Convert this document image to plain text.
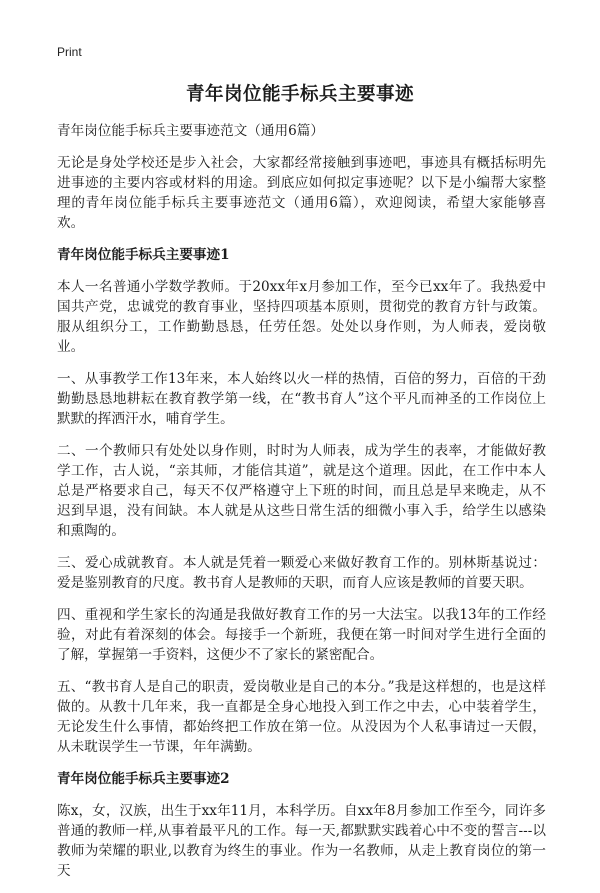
Print
青年岗位能手标兵主要事迹

青年岗位能手标兵主要事迹范文（通用6篇）

无论是身处学校还是步入社会，大家都经常接触到事迹吧，事迹具有概括标明先进事迹的主要内容或材料的用途。到底应如何拟定事迹呢？以下是小编帮大家整理的青年岗位能手标兵主要事迹范文（通用6篇），欢迎阅读，希望大家能够喜欢。

青年岗位能手标兵主要事迹1

本人一名普通小学数学教师。于20xx年x月参加工作，至今已xx年了。我热爱中国共产党，忠诚党的教育事业，坚持四项基本原则，贯彻党的教育方针与政策。服从组织分工，工作勤勤恳恳，任劳任怨。处处以身作则，为人师表，爱岗敬业。

一、从事教学工作13年来，本人始终以火一样的热情，百倍的努力，百倍的干劲勤勤恳恳地耕耘在教育教学第一线，在“教书育人”这个平凡而神圣的工作岗位上默默的挥洒汗水，哺育学生。

二、一个教师只有处处以身作则，时时为人师表，成为学生的表率，才能做好教学工作，古人说，“亲其师，才能信其道”，就是这个道理。因此，在工作中本人总是严格要求自己，每天不仅严格遵守上下班的时间，而且总是早来晚走，从不迟到早退，没有间缺。本人就是从这些日常生活的细微小事入手，给学生以感染和熏陶的。

三、爱心成就教育。本人就是凭着一颗爱心来做好教育工作的。别林斯基说过：爱是鉴别教育的尺度。教书育人是教师的天职，而育人应该是教师的首要天职。

四、重视和学生家长的沟通是我做好教育工作的另一大法宝。以我13年的工作经验，对此有着深刻的体会。每接手一个新班，我便在第一时间对学生进行全面的了解，掌握第一手资料，这便少不了家长的紧密配合。

五、“教书育人是自己的职责，爱岗敬业是自己的本分。”我是这样想的，也是这样做的。从教十几年来，我一直都是全身心地投入到工作之中去，心中装着学生，无论发生什么事情，都始终把工作放在第一位。从没因为个人私事请过一天假，从未耽误学生一节课，年年满勤。

青年岗位能手标兵主要事迹2

陈x，女，汉族，出生于xx年11月，本科学历。自xx年8月参加工作至今，同许多普通的教师一样,从事着最平凡的工作。每一天,都默默实践着心中不变的誓言---以教师为荣耀的职业,以教育为终生的事业。作为一名教师，从走上教育岗位的第一天
